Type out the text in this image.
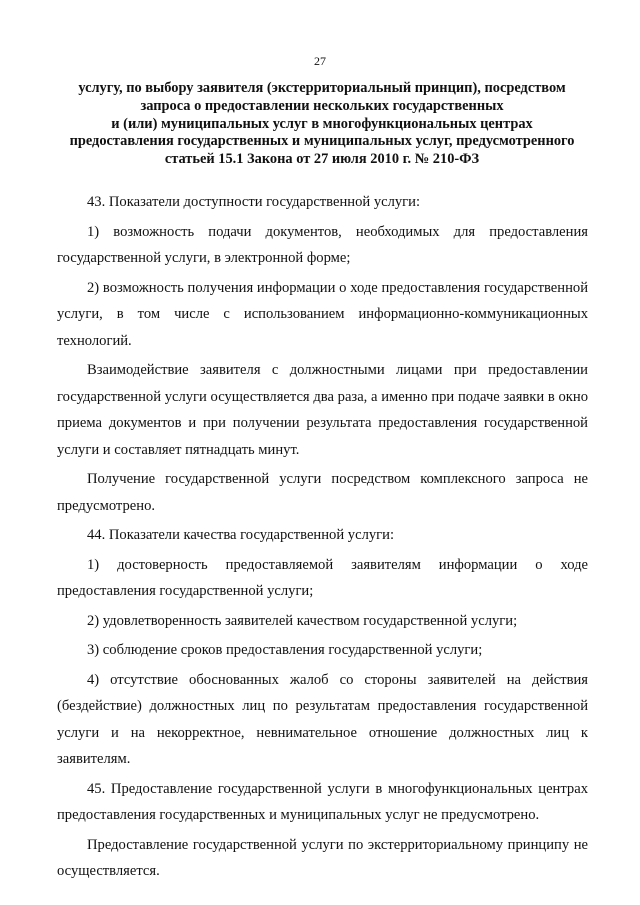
27
услугу, по выбору заявителя (экстерриториальный принцип), посредством
запроса о предоставлении нескольких государственных
и (или) муниципальных услуг в многофункциональных центрах
предоставления государственных и муниципальных услуг, предусмотренного
статьей 15.1 Закона от 27 июля 2010 г. № 210-ФЗ

43. Показатели доступности государственной услуги:

1) возможность подачи документов, необходимых для предоставления государственной услуги, в электронной форме;

2) возможность получения информации о ходе предоставления государственной услуги, в том числе с использованием информационно-коммуникационных технологий.

Взаимодействие заявителя с должностными лицами при предоставлении государственной услуги осуществляется два раза, а именно при подаче заявки в окно приема документов и при получении результата предоставления государственной услуги и составляет пятнадцать минут.

Получение государственной услуги посредством комплексного запроса не предусмотрено.

44. Показатели качества государственной услуги:

1) достоверность предоставляемой заявителям информации о ходе предоставления государственной услуги;

2) удовлетворенность заявителей качеством государственной услуги;

3) соблюдение сроков предоставления государственной услуги;

4) отсутствие обоснованных жалоб со стороны заявителей на действия (бездействие) должностных лиц по результатам предоставления государственной услуги и на некорректное, невнимательное отношение должностных лиц к заявителям.

45. Предоставление государственной услуги в многофункциональных центрах предоставления государственных и муниципальных услуг не предусмотрено.

Предоставление государственной услуги по экстерриториальному принципу не осуществляется.
